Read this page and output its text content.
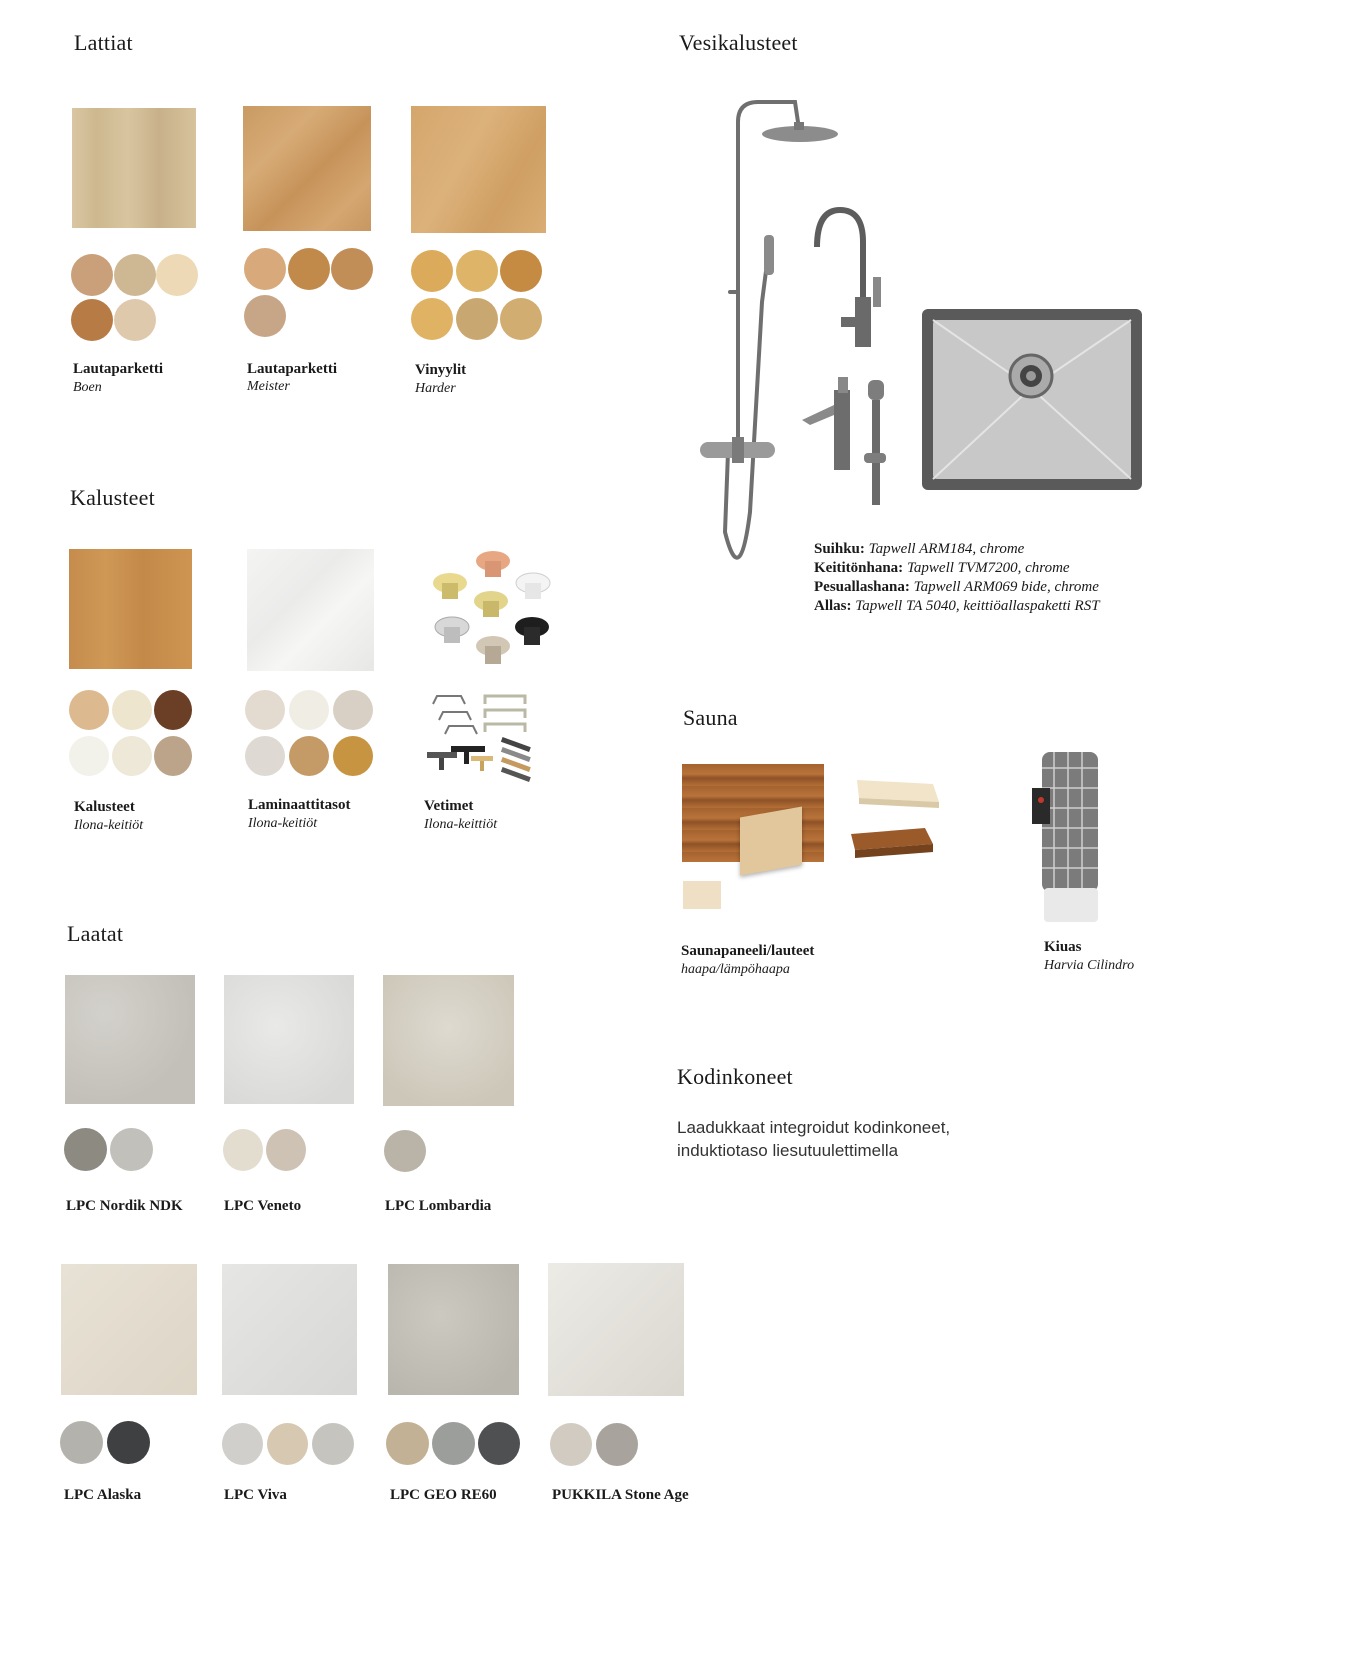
Lattiat
Lautaparketti
Boen
Lautaparketti
Meister
Vinyylit
Harder
Kalusteet
Kalusteet
Ilona-keitiöt
Laminaattitasot
Ilona-keitiöt
Vetimet
Ilona-keittiöt
Laatat
LPC Nordik NDK	LPC Veneto	LPC Lombardia
LPC Alaska	LPC Viva	LPC GEO RE60	PUKKILA Stone Age
Vesikalusteet
Suihku: Tapwell ARM184, chrome
Keititönhana: Tapwell TVM7200, chrome
Pesuallashana: Tapwell ARM069 bide, chrome
Allas: Tapwell TA 5040, keittiöallaspaketti RST
Sauna
Saunapaneeli/lauteet
haapa/lämpöhaapa
Kiuas
Harvia Cilindro
Kodinkoneet
Laadukkaat integroidut kodinkoneet,
induktiotaso liesutuulettimella
